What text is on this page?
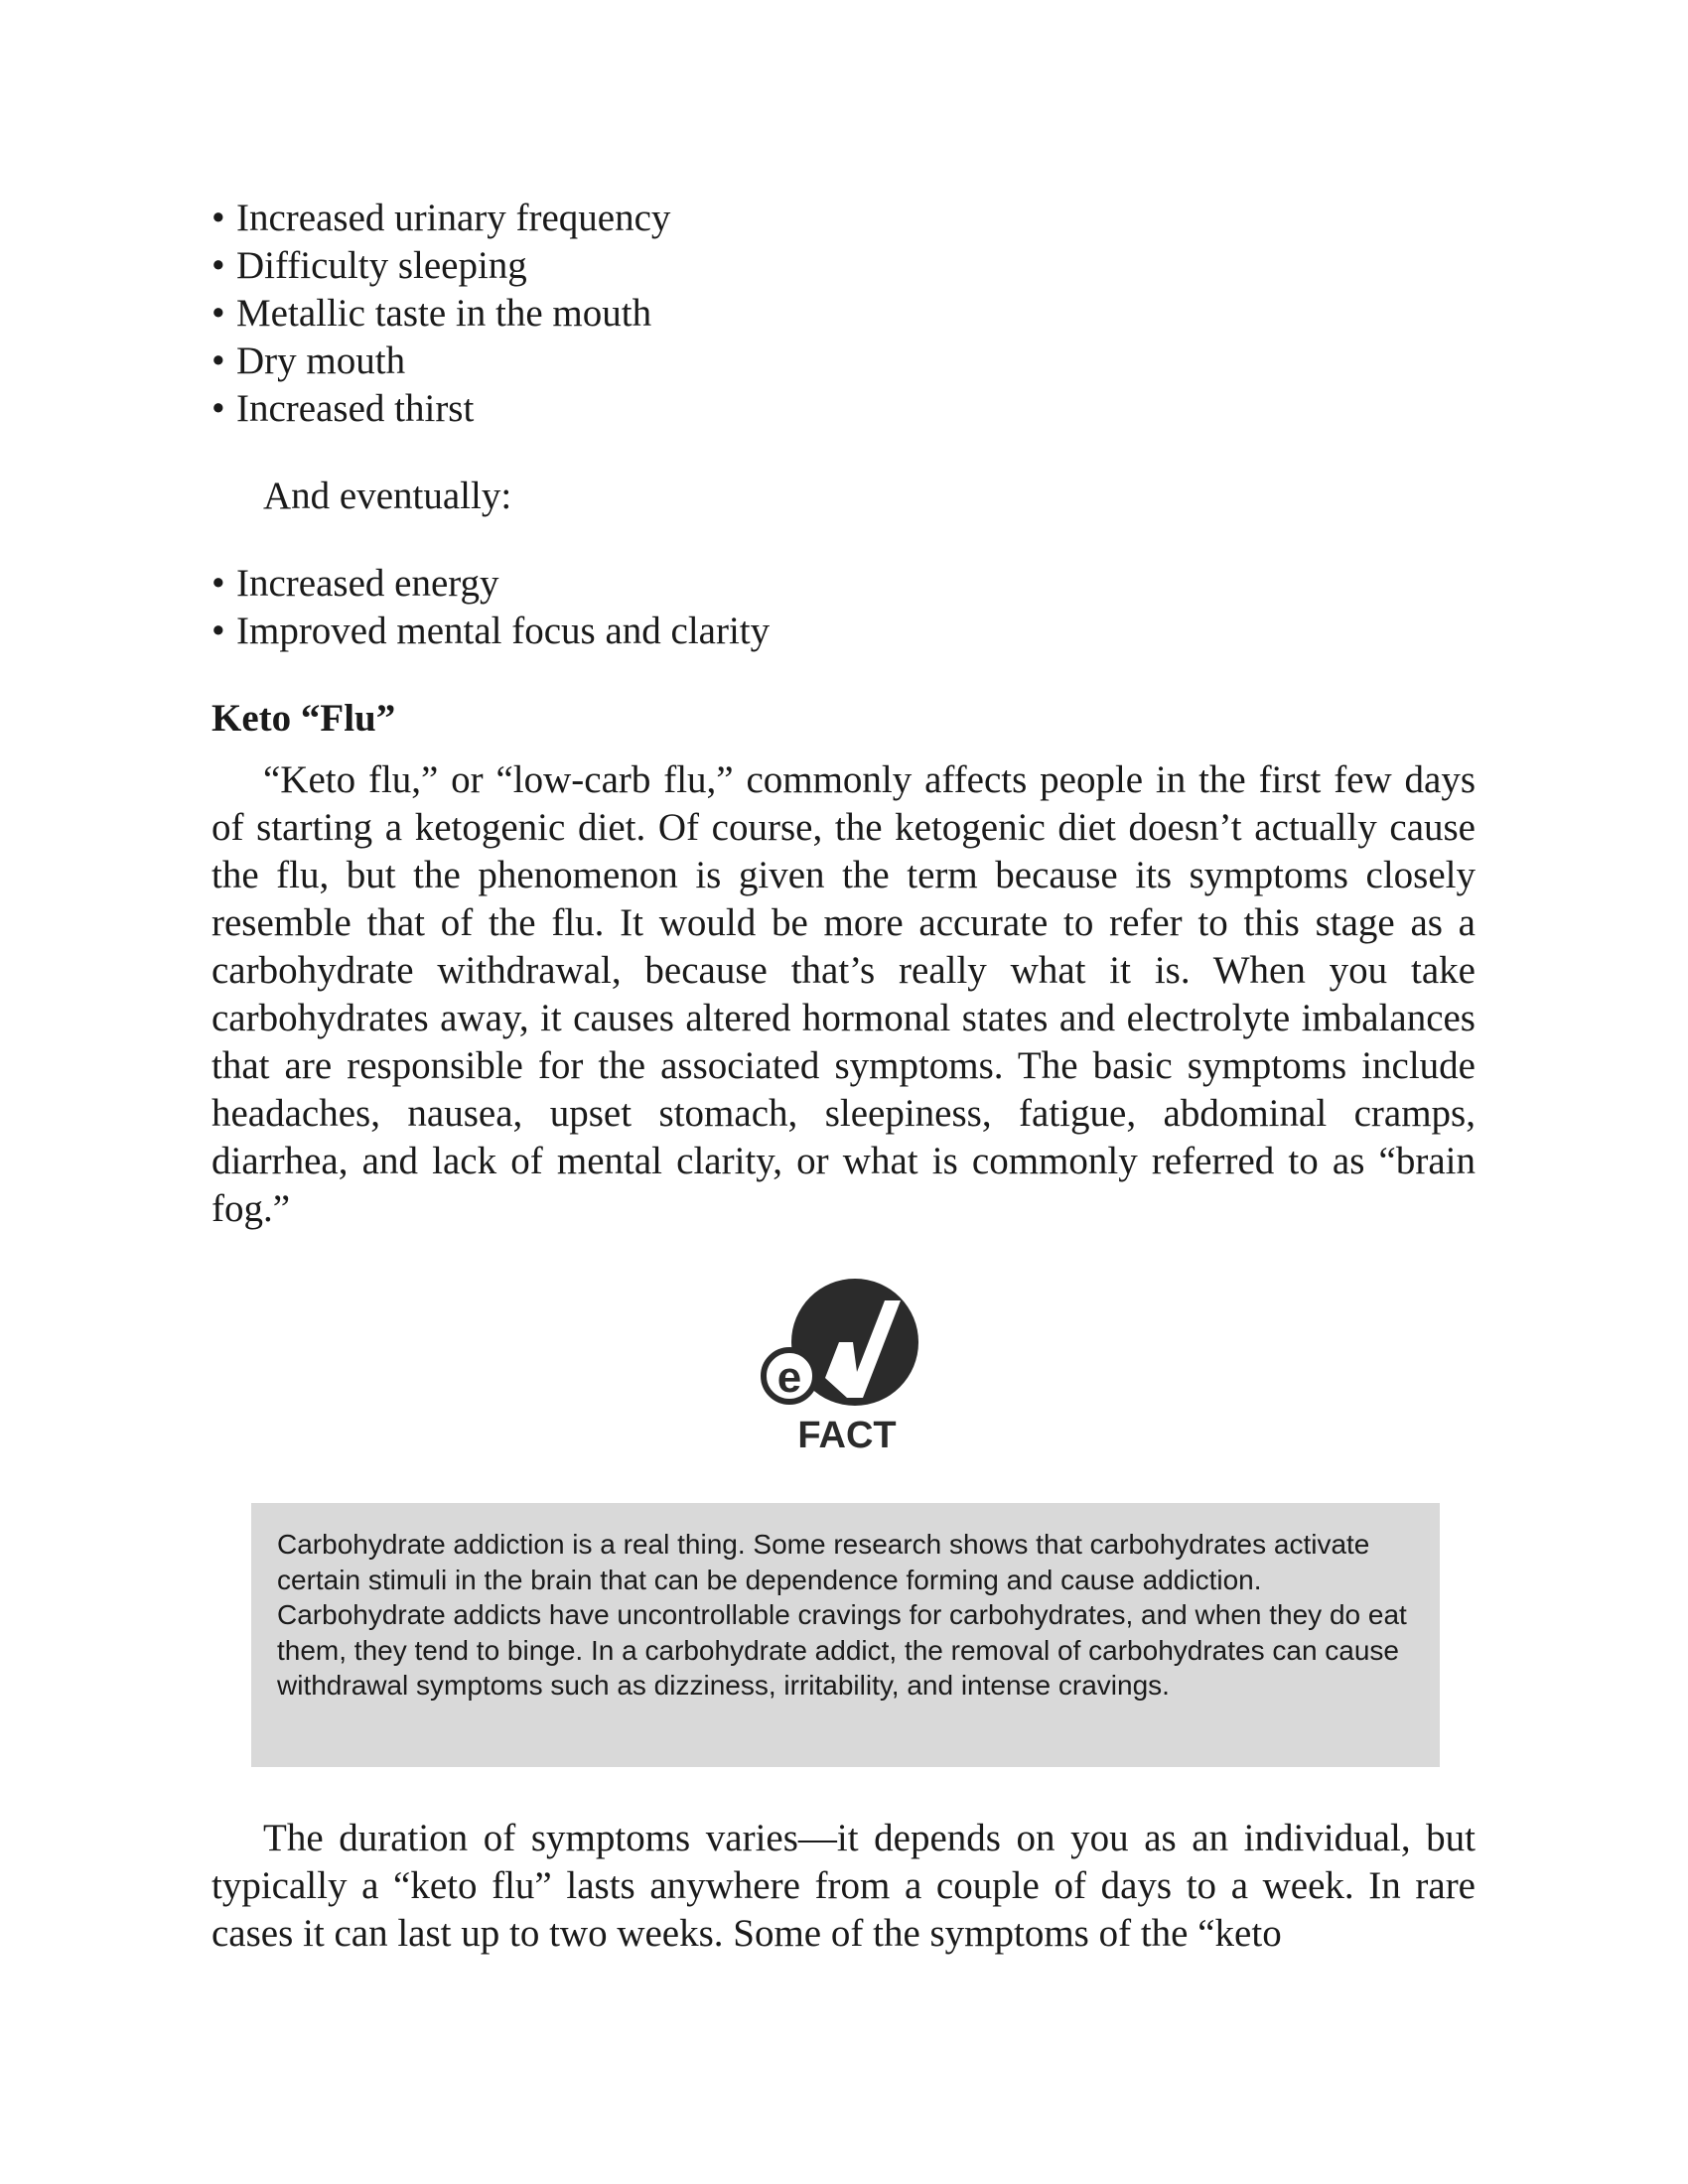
• Increased urinary frequency
• Difficulty sleeping
• Metallic taste in the mouth
• Dry mouth
• Increased thirst
And eventually:
• Increased energy
• Improved mental focus and clarity
Keto “Flu”

“Keto flu,” or “low-carb flu,” commonly affects people in the first few days of starting a ketogenic diet. Of course, the ketogenic diet doesn’t actually cause the flu, but the phenomenon is given the term because its symptoms closely resemble that of the flu. It would be more accurate to refer to this stage as a carbohydrate withdrawal, because that’s really what it is. When you take carbohydrates away, it causes altered hormonal states and electrolyte imbalances that are responsible for the associated symptoms. The basic symptoms include headaches, nausea, upset stomach, sleepiness, fatigue, abdominal cramps, diarrhea, and lack of mental clarity, or what is commonly referred to as “brain fog.”

e
FACT

Carbohydrate addiction is a real thing. Some research shows that carbohydrates activate certain stimuli in the brain that can be dependence forming and cause addiction. Carbohydrate addicts have uncontrollable cravings for carbohydrates, and when they do eat them, they tend to binge. In a carbohydrate addict, the removal of carbohydrates can cause withdrawal symptoms such as dizziness, irritability, and intense cravings.

The duration of symptoms varies—it depends on you as an individual, but typically a “keto flu” lasts anywhere from a couple of days to a week. In rare cases it can last up to two weeks. Some of the symptoms of the “keto
